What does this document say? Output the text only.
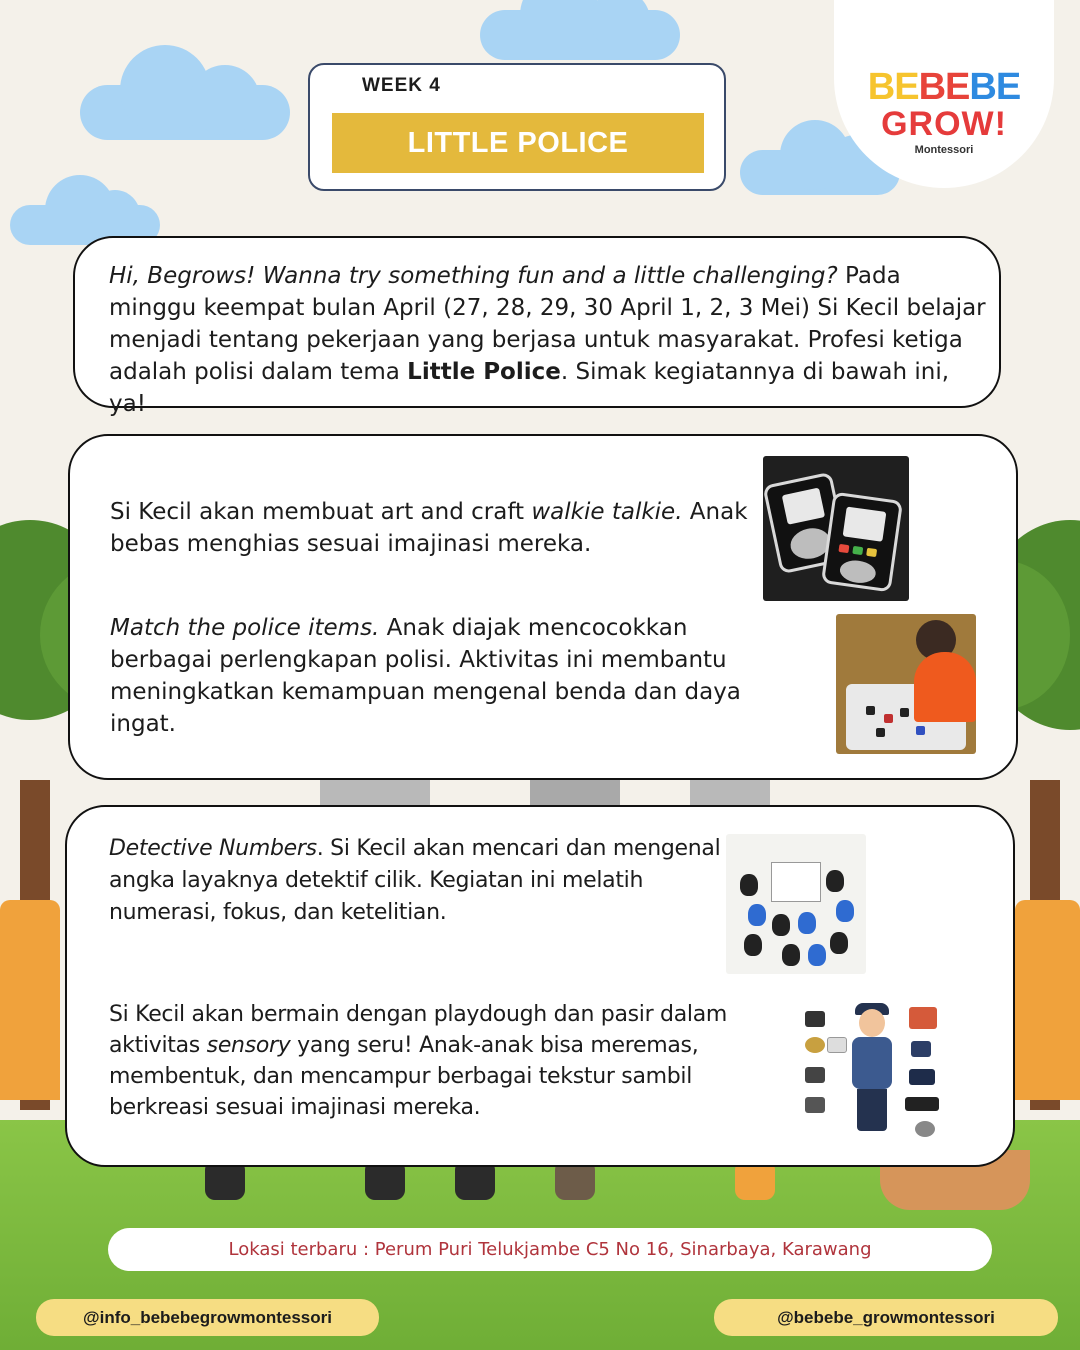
WEEK 4
LITTLE POLICE
BEBEBE
GROW!
Montessori

Hi, Begrows! Wanna try something fun and a little challenging? Pada minggu keempat bulan April (27, 28, 29, 30 April 1, 2, 3 Mei) Si Kecil belajar menjadi tentang pekerjaan yang berjasa untuk masyarakat. Profesi ketiga adalah polisi dalam tema Little Police. Simak kegiatannya di bawah ini, ya!

Si Kecil akan membuat art and craft walkie talkie. Anak bebas menghias sesuai imajinasi mereka.

Match the police items. Anak diajak mencocokkan berbagai perlengkapan polisi. Aktivitas ini membantu meningkatkan kemampuan mengenal benda dan daya ingat.

Detective Numbers. Si Kecil akan mencari dan mengenal angka layaknya detektif cilik. Kegiatan ini melatih numerasi, fokus, dan ketelitian.

Si Kecil akan bermain dengan playdough dan pasir dalam aktivitas sensory yang seru! Anak-anak bisa meremas, membentuk, dan mencampur berbagai tekstur sambil berkreasi sesuai imajinasi mereka.

Lokasi terbaru : Perum Puri Telukjambe C5 No 16, Sinarbaya, Karawang
@info_bebebegrowmontessori	@bebebe_growmontessori
